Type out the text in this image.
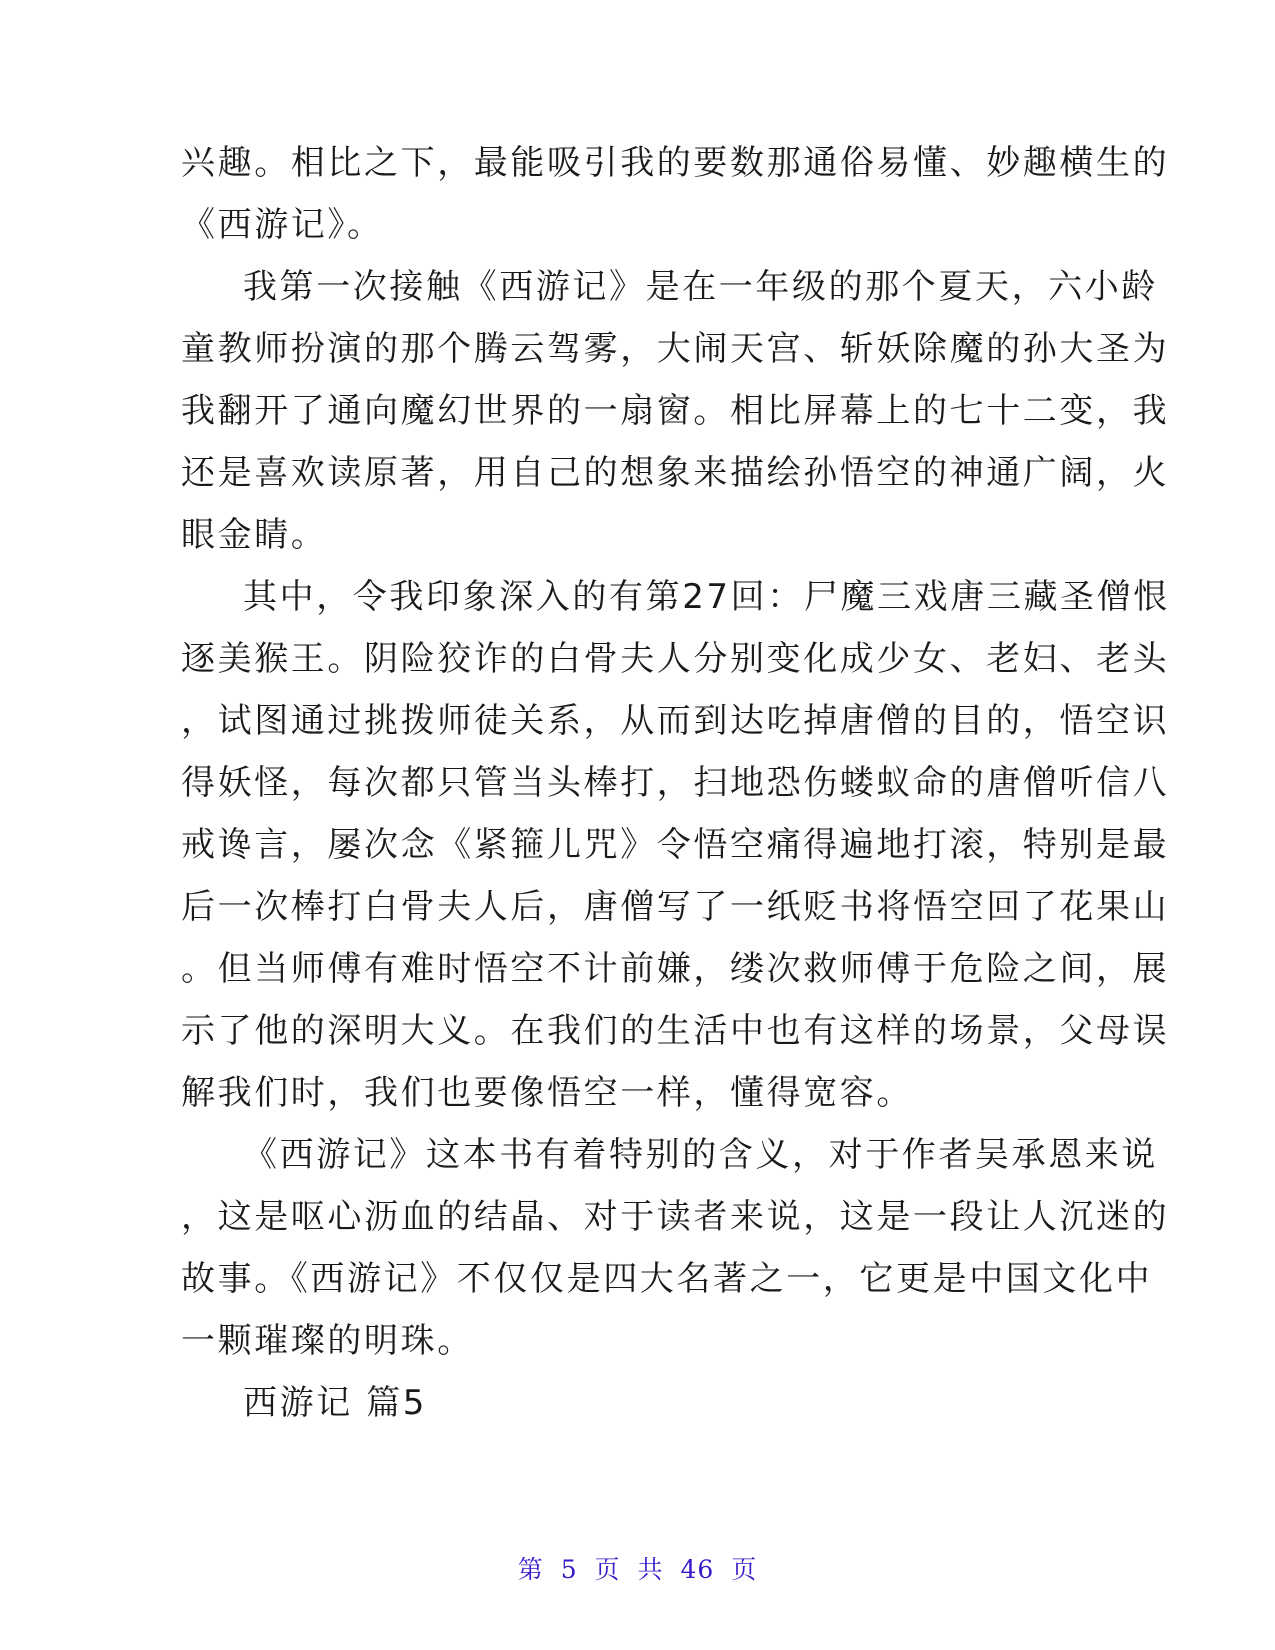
兴趣。相比之下，最能吸引我的要数那通俗易懂、妙趣横生的
《西游记》。
我第一次接触《西游记》是在一年级的那个夏天，六小龄
童教师扮演的那个腾云驾雾，大闹天宫、斩妖除魔的孙大圣为
我翻开了通向魔幻世界的一扇窗。相比屏幕上的七十二变，我
还是喜欢读原著，用自己的想象来描绘孙悟空的神通广阔，火
眼金睛。
其中，令我印象深入的有第27回：尸魔三戏唐三藏圣僧恨
逐美猴王。阴险狡诈的白骨夫人分别变化成少女、老妇、老头
，试图通过挑拨师徒关系，从而到达吃掉唐僧的目的，悟空识
得妖怪，每次都只管当头棒打，扫地恐伤蝼蚁命的唐僧听信八
戒谗言，屡次念《紧箍儿咒》令悟空痛得遍地打滚，特别是最
后一次棒打白骨夫人后，唐僧写了一纸贬书将悟空回了花果山
。但当师傅有难时悟空不计前嫌，缕次救师傅于危险之间，展
示了他的深明大义。在我们的生活中也有这样的场景，父母误
解我们时，我们也要像悟空一样，懂得宽容。
《西游记》这本书有着特别的含义，对于作者吴承恩来说
，这是呕心沥血的结晶、对于读者来说，这是一段让人沉迷的
故事。《西游记》不仅仅是四大名著之一，它更是中国文化中
一颗璀璨的明珠。
西游记 篇5
第 5 页 共 46 页
